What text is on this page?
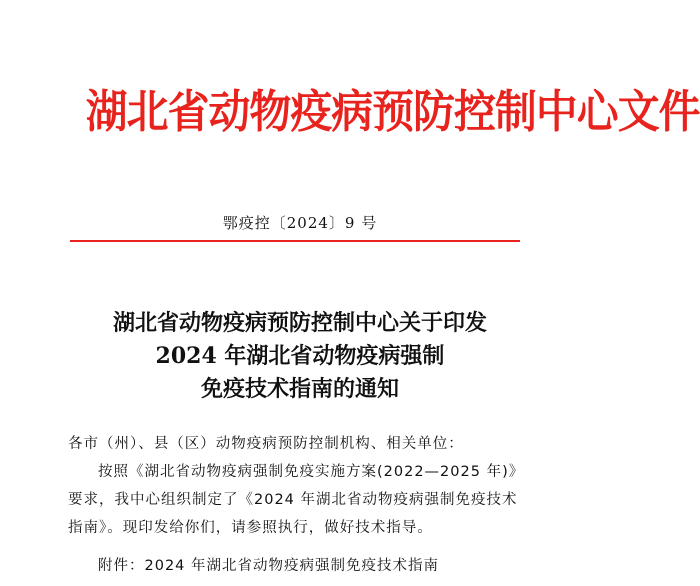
湖北省动物疫病预防控制中心文件
鄂疫控〔2024〕9 号
湖北省动物疫病预防控制中心关于印发
2024 年湖北省动物疫病强制
免疫技术指南的通知
各市（州）、县（区）动物疫病预防控制机构、相关单位：
按照《湖北省动物疫病强制免疫实施方案(2022—2025 年)》
要求，我中心组织制定了《2024 年湖北省动物疫病强制免疫技术
指南》。现印发给你们，请参照执行，做好技术指导。
附件：2024 年湖北省动物疫病强制免疫技术指南
